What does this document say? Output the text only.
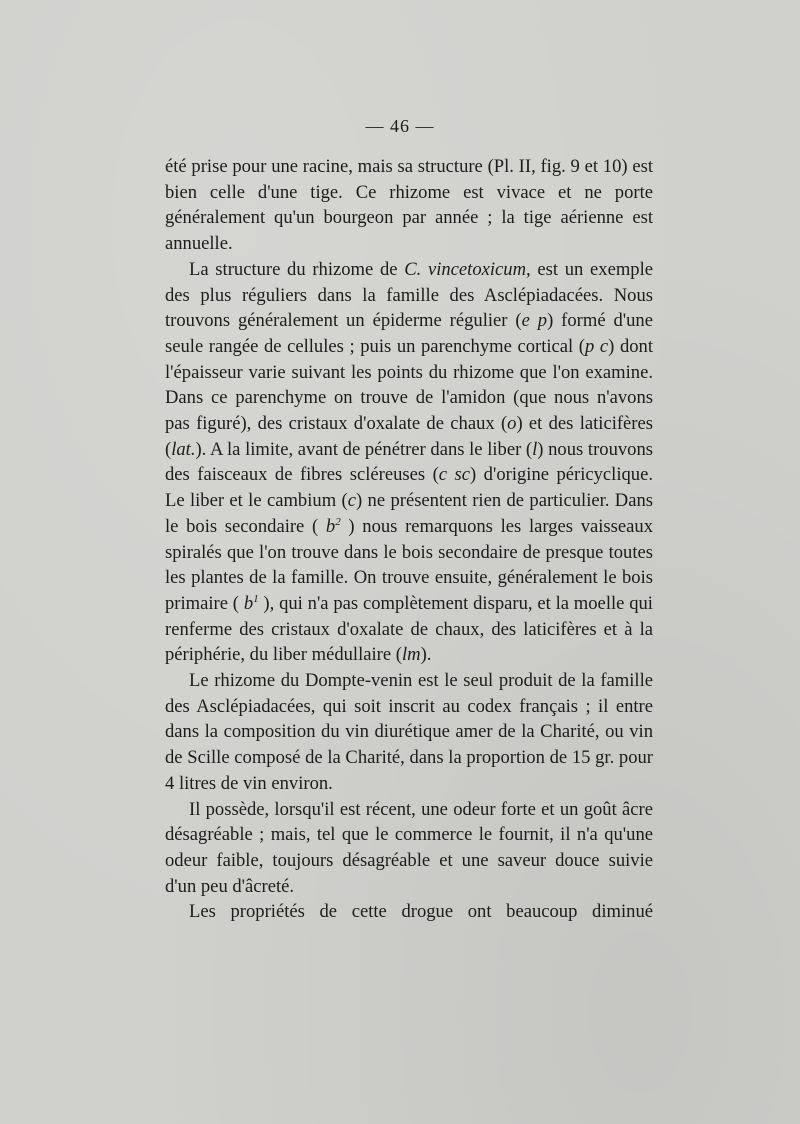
— 46 —

été prise pour une racine, mais sa structure (Pl. II, fig. 9 et 10) est bien celle d'une tige. Ce rhizome est vivace et ne porte généralement qu'un bourgeon par année ; la tige aérienne est annuelle.

La structure du rhizome de C. vincetoxicum, est un exemple des plus réguliers dans la famille des Asclépiadacées. Nous trouvons généralement un épiderme régulier (e p) formé d'une seule rangée de cellules ; puis un parenchyme cortical (p c) dont l'épaisseur varie suivant les points du rhizome que l'on examine. Dans ce parenchyme on trouve de l'amidon (que nous n'avons pas figuré), des cristaux d'oxalate de chaux (o) et des laticifères (lat.). A la limite, avant de pénétrer dans le liber (l) nous trouvons des faisceaux de fibres scléreuses (c sc) d'origine péricyclique. Le liber et le cambium (c) ne présentent rien de particulier. Dans le bois secondaire ( $b^2$ ) nous remarquons les larges vaisseaux spiralés que l'on trouve dans le bois secondaire de presque toutes les plantes de la famille. On trouve ensuite, généralement le bois primaire ( $b^1$ ), qui n'a pas complètement disparu, et la moelle qui renferme des cristaux d'oxalate de chaux, des laticifères et à la périphérie, du liber médullaire (lm).

Le rhizome du Dompte-venin est le seul produit de la famille des Asclépiadacées, qui soit inscrit au codex français ; il entre dans la composition du vin diurétique amer de la Charité, ou vin de Scille composé de la Charité, dans la proportion de 15 gr. pour 4 litres de vin environ.

Il possède, lorsqu'il est récent, une odeur forte et un goût âcre désagréable ; mais, tel que le commerce le fournit, il n'a qu'une odeur faible, toujours désagréable et une saveur douce suivie d'un peu d'âcreté.

Les propriétés de cette drogue ont beaucoup diminué
